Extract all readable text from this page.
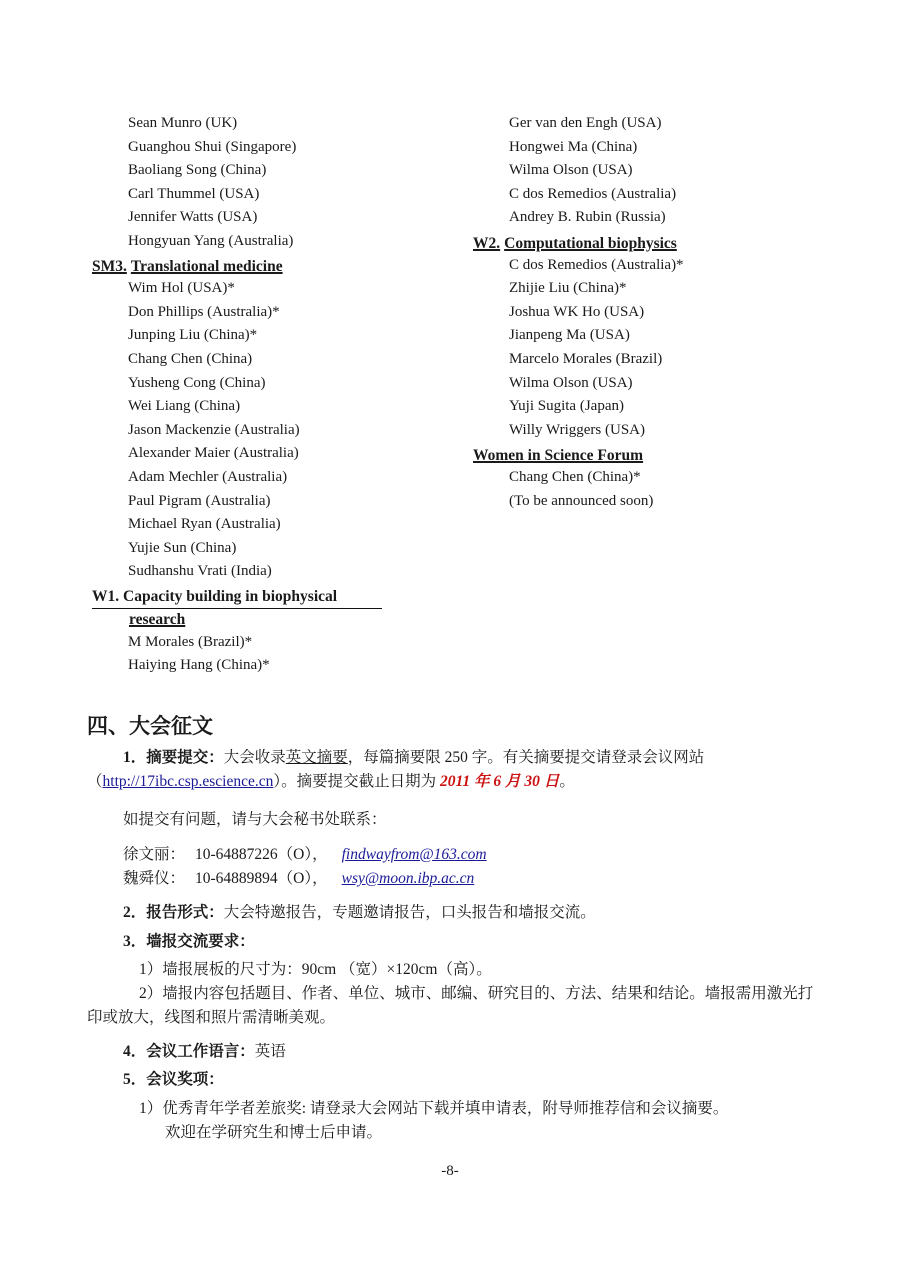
Sean Munro (UK)
Guanghou Shui (Singapore)
Baoliang Song (China)
Carl Thummel (USA)
Jennifer Watts (USA)
Hongyuan Yang (Australia)
SM3. Translational medicine
Wim Hol (USA)*
Don Phillips (Australia)*
Junping Liu (China)*
Chang Chen (China)
Yusheng Cong (China)
Wei Liang (China)
Jason Mackenzie (Australia)
Alexander Maier (Australia)
Adam Mechler (Australia)
Paul Pigram (Australia)
Michael Ryan (Australia)
Yujie Sun (China)
Sudhanshu Vrati (India)
W1. Capacity building in biophysical
research
M Morales (Brazil)*
Haiying Hang (China)*
Ger van den Engh (USA)
Hongwei Ma (China)
Wilma Olson (USA)
C dos Remedios (Australia)
Andrey B. Rubin (Russia)
W2. Computational biophysics
C dos Remedios (Australia)*
Zhijie Liu (China)*
Joshua WK Ho (USA)
Jianpeng Ma (USA)
Marcelo Morales (Brazil)
Wilma Olson (USA)
Yuji Sugita (Japan)
Willy Wriggers (USA)
Women in Science Forum
Chang Chen (China)*
(To be announced soon)
四、大会征文
1．摘要提交：大会收录英文摘要，每篇摘要限 250 字。有关摘要提交请登录会议网站
（http://17ibc.csp.escience.cn）。摘要提交截止日期为 2011 年 6 月 30 日。
如提交有问题，请与大会秘书处联系：
徐文丽： 10-64887226（O）， findwayfrom@163.com
魏舜仪： 10-64889894（O）， wsy@moon.ibp.ac.cn
2．报告形式：大会特邀报告，专题邀请报告，口头报告和墙报交流。
3．墙报交流要求：
1）墙报展板的尺寸为：90cm （宽）×120cm（高）。
2）墙报内容包括题目、作者、单位、城市、邮编、研究目的、方法、结果和结论。墙报需用激光打印或放大，线图和照片需清晰美观。
4．会议工作语言：英语
5．会议奖项：
1）优秀青年学者差旅奖: 请登录大会网站下载并填申请表，附导师推荐信和会议摘要。
欢迎在学研究生和博士后申请。
-8-
